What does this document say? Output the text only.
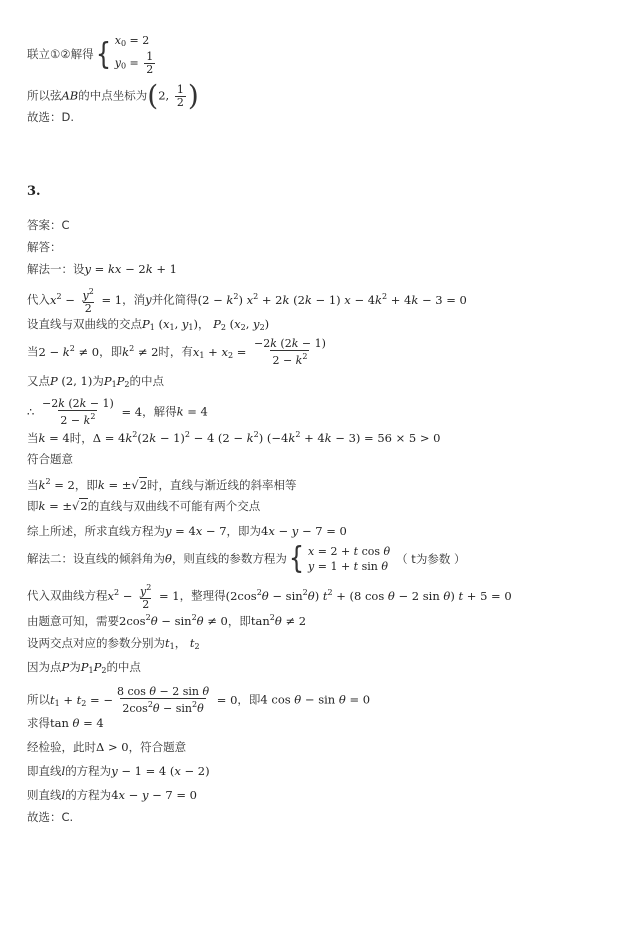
联立①②解得{ $x_0 = 2$
$y_0 = \frac{1}{2}$
所以弦AB的中点坐标为(2, $\frac{1}{2}$ )
故选：D.
3.
答案：C
解答：
解法一：设y = kx − 2k + 1
代入$x^2 - \frac{y^2}{2} = 1$，消y并化简得$(2 - k^2)$ $x^2 + 2k$ (2k − 1) $x - 4k^2 + 4k - 3 = 0$
设直线与双曲线的交点$P_1$ ($x_1$, $y_1$)， $P_2$ ($x_2$, $y_2$)
当$2 - k^2 \ne 0$，即$k^2 \ne 2$时，有$x_1 + x_2 = \frac{-2k (2k - 1)}{2 - k^2}$
又点P (2, 1)为$P_1P_2$的中点
∴ $\frac{-2k (2k - 1)}{2 - k^2} = 4$，解得k = 4
当k = 4时，$\Delta = 4k^2(2k - 1)^2 - 4$ $(2 - k^2)$ $(-4k^2 + 4k - 3) = 56 \times 5 > 0$
符合题意
当$k^2 = 2$，即k = ±√2时，直线与渐近线的斜率相等
即k = ±√2的直线与双曲线不可能有两个交点
综上所述，所求直线方程为y = 4x − 7，即为4x − y − 7 = 0
解法二：设直线的倾斜角为θ，则直线的参数方程为{ x = 2 + t cos θ
y = 1 + t sin θ
（ t为参数 ）
代入双曲线方程$x^2 - \frac{y^2}{2} = 1$，整理得$(2\cos^2\theta - \sin^2\theta) t^2 + (8$ cos θ − 2 sin θ) t + 5 = 0
由题意可知，需要$2\cos^2\theta - \sin^2\theta \ne 0$，即$\tan^2\theta \ne 2$
设两交点对应的参数分别为$t_1$， $t_2$
因为点P为$P_1P_2$的中点
所以$t_1 + t_2$ = − $\frac{\text{8 cos θ − 2 sin θ}}{2\cos^2\theta - \sin^2\theta} = 0$，即4 cos θ − sin θ = 0
求得tan θ = 4
经检验，此时Δ > 0，符合题意
即直线l的方程为y − 1 = 4 (x − 2)
则直线l的方程为4x − y − 7 = 0
故选：C.
